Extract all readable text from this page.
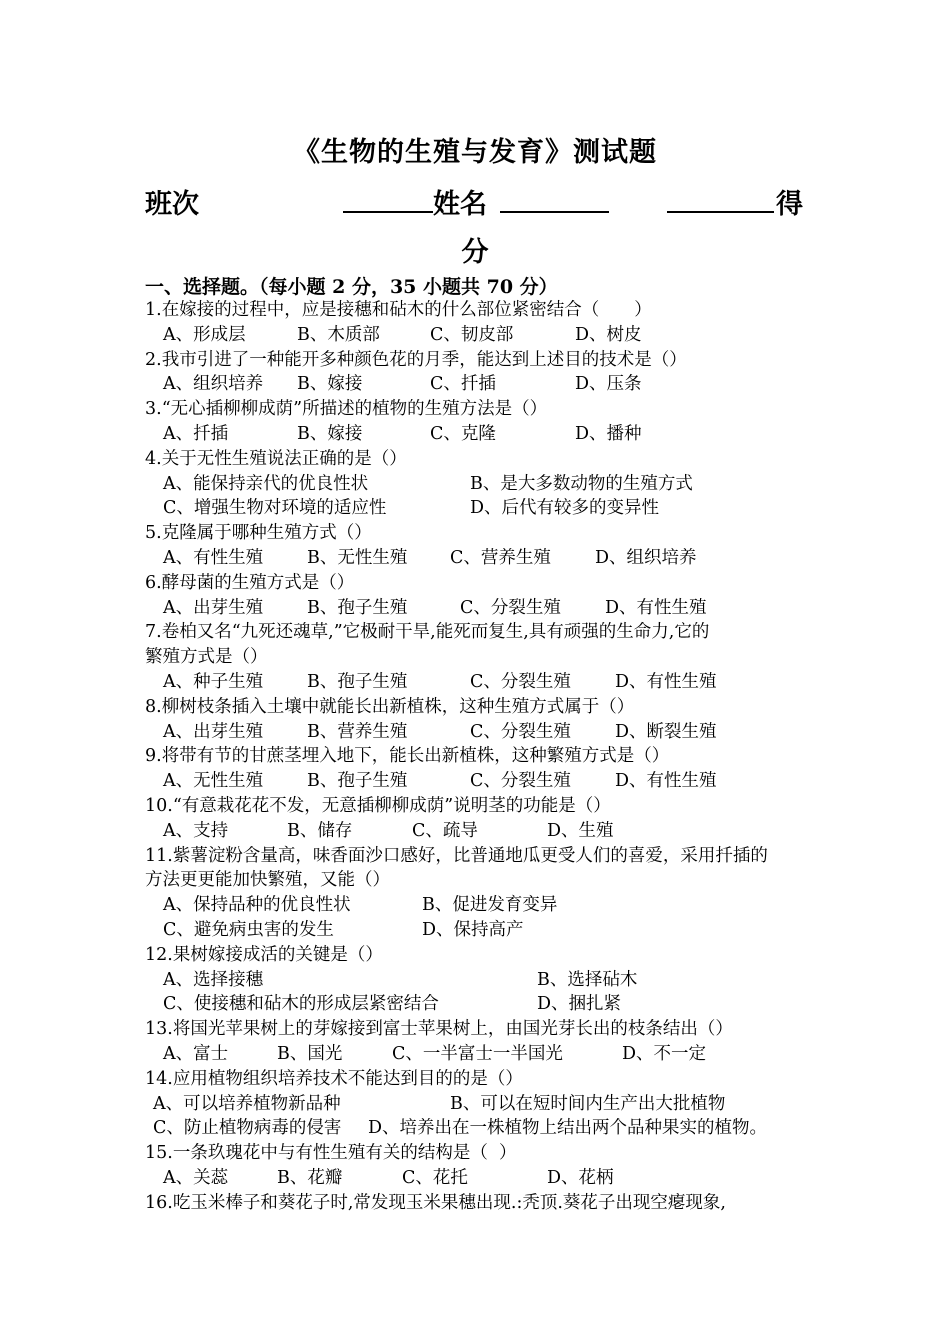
《生物的生殖与发育》测试题
班次	姓名	得
分
一、选择题。（每小题 2 分，35 小题共 70 分）
1.在嫁接的过程中，应是接穗和砧木的什么部位紧密结合（　　）
A、形成层	B、木质部	C、韧皮部	D、树皮
2.我市引进了一种能开多种颜色花的月季，能达到上述目的技术是（）
A、组织培养 B、嫁接	C、扦插	D、压条
3.“无心插柳柳成荫”所描述的植物的生殖方法是（）
A、扦插	B、嫁接	C、克隆	D、播种
4.关于无性生殖说法正确的是（）
A、能保持亲代的优良性状	B、是大多数动物的生殖方式
C、增强生物对环境的适应性	D、后代有较多的变异性
5.克隆属于哪种生殖方式（）
A、有性生殖	B、无性生殖 C、营养生殖	D、组织培养
6.酵母菌的生殖方式是（）
A、出芽生殖	B、孢子生殖	C、分裂生殖	D、有性生殖
7.卷柏又名“九死还魂草,”它极耐干旱,能死而复生,具有顽强的生命力,它的
繁殖方式是（）
A、种子生殖	B、孢子生殖	C、分裂生殖	D、有性生殖
8.柳树枝条插入土壤中就能长出新植株，这种生殖方式属于（）
A、出芽生殖	B、营养生殖	C、分裂生殖	D、断裂生殖
9.将带有节的甘蔗茎埋入地下，能长出新植株，这种繁殖方式是（）
A、无性生殖	B、孢子生殖	C、分裂生殖	D、有性生殖
10.“有意栽花花不发，无意插柳柳成荫”说明茎的功能是（）
A、支持	B、储存	C、疏导	D、生殖
11.紫薯淀粉含量高，味香面沙口感好，比普通地瓜更受人们的喜爱，采用扦插的
方法更更能加快繁殖，又能（）
A、保持品种的优良性状	B、促进发育变异
C、避免病虫害的发生	D、保持高产
12.果树嫁接成活的关键是（）
A、选择接穗	B、选择砧木
C、使接穗和砧木的形成层紧密结合	D、捆扎紧
13.将国光苹果树上的芽嫁接到富士苹果树上，由国光芽长出的枝条结出（）
A、富士	B、国光	C、一半富士一半国光	D、不一定
14.应用植物组织培养技术不能达到目的的是（）
A、可以培养植物新品种	B、可以在短时间内生产出大批植物
C、防止植物病毒的侵害 D、培养出在一株植物上结出两个品种果实的植物。
15.一条玖瑰花中与有性生殖有关的结构是（  ）
A、关蕊	B、花瓣	C、花托	D、花柄
16.吃玉米棒子和葵花子时,常发现玉米果穗出现.:秃顶.葵花子出现空瘪现象,
